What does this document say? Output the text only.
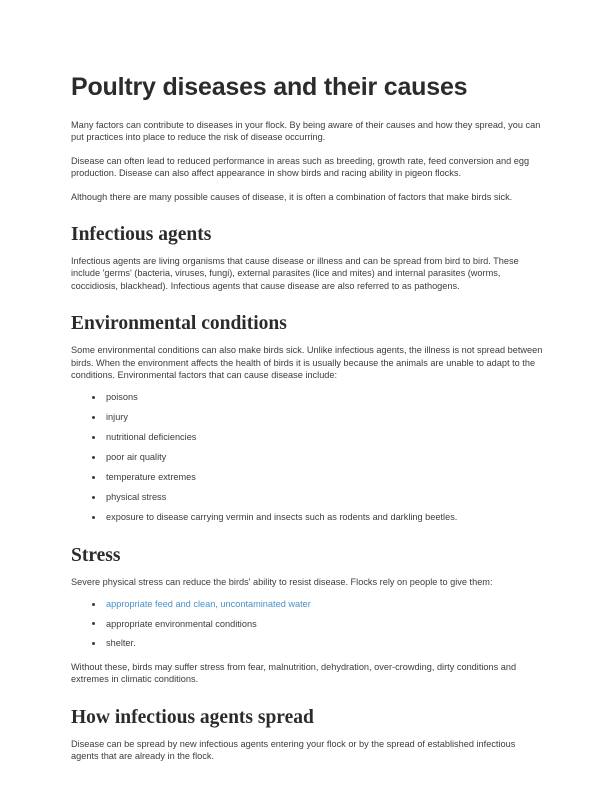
Poultry diseases and their causes

Many factors can contribute to diseases in your flock. By being aware of their causes and how they spread, you can put practices into place to reduce the risk of disease occurring.

Disease can often lead to reduced performance in areas such as breeding, growth rate, feed conversion and egg production. Disease can also affect appearance in show birds and racing ability in pigeon flocks.

Although there are many possible causes of disease, it is often a combination of factors that make birds sick.

Infectious agents

Infectious agents are living organisms that cause disease or illness and can be spread from bird to bird. These include 'germs' (bacteria, viruses, fungi), external parasites (lice and mites) and internal parasites (worms, coccidiosis, blackhead). Infectious agents that cause disease are also referred to as pathogens.

Environmental conditions

Some environmental conditions can also make birds sick. Unlike infectious agents, the illness is not spread between birds. When the environment affects the health of birds it is usually because the animals are unable to adapt to the conditions. Environmental factors that can cause disease include:

poisons
injury
nutritional deficiencies
poor air quality
temperature extremes
physical stress
exposure to disease carrying vermin and insects such as rodents and darkling beetles.
Stress

Severe physical stress can reduce the birds' ability to resist disease. Flocks rely on people to give them:

appropriate feed and clean, uncontaminated water
appropriate environmental conditions
shelter.

Without these, birds may suffer stress from fear, malnutrition, dehydration, over-crowding, dirty conditions and extremes in climatic conditions.

How infectious agents spread

Disease can be spread by new infectious agents entering your flock or by the spread of established infectious agents that are already in the flock.
